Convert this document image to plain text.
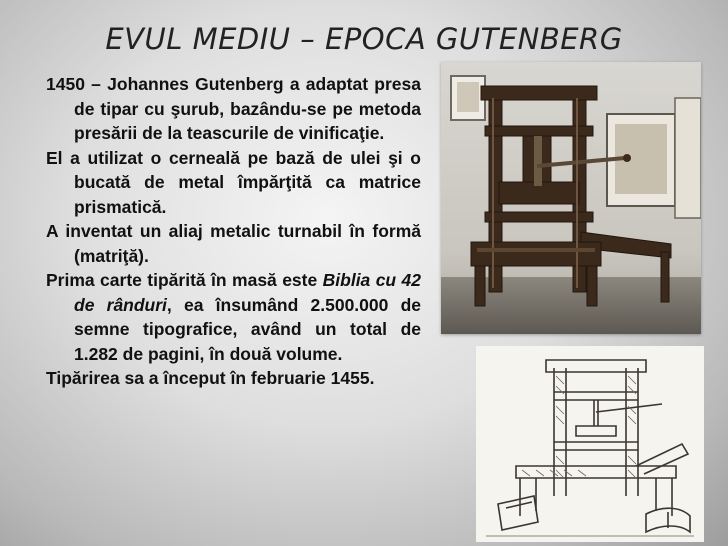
EVUL MEDIU – EPOCA GUTENBERG

1450 – Johannes Gutenberg a adaptat presa de tipar cu şurub, bazându-se pe metoda presării de la teascurile de vinificaţie.

El a utilizat o cerneală pe bază de ulei şi o bucată de metal împărţită ca matrice prismatică.

A inventat un aliaj metalic turnabil în formă (matriţă).

Prima carte tipărită în masă este Biblia cu 42 de rânduri, ea însumând 2.500.000 de semne tipografice, având un total de 1.282 de pagini, în două volume.

Tipărirea sa a început în februarie 1455.
